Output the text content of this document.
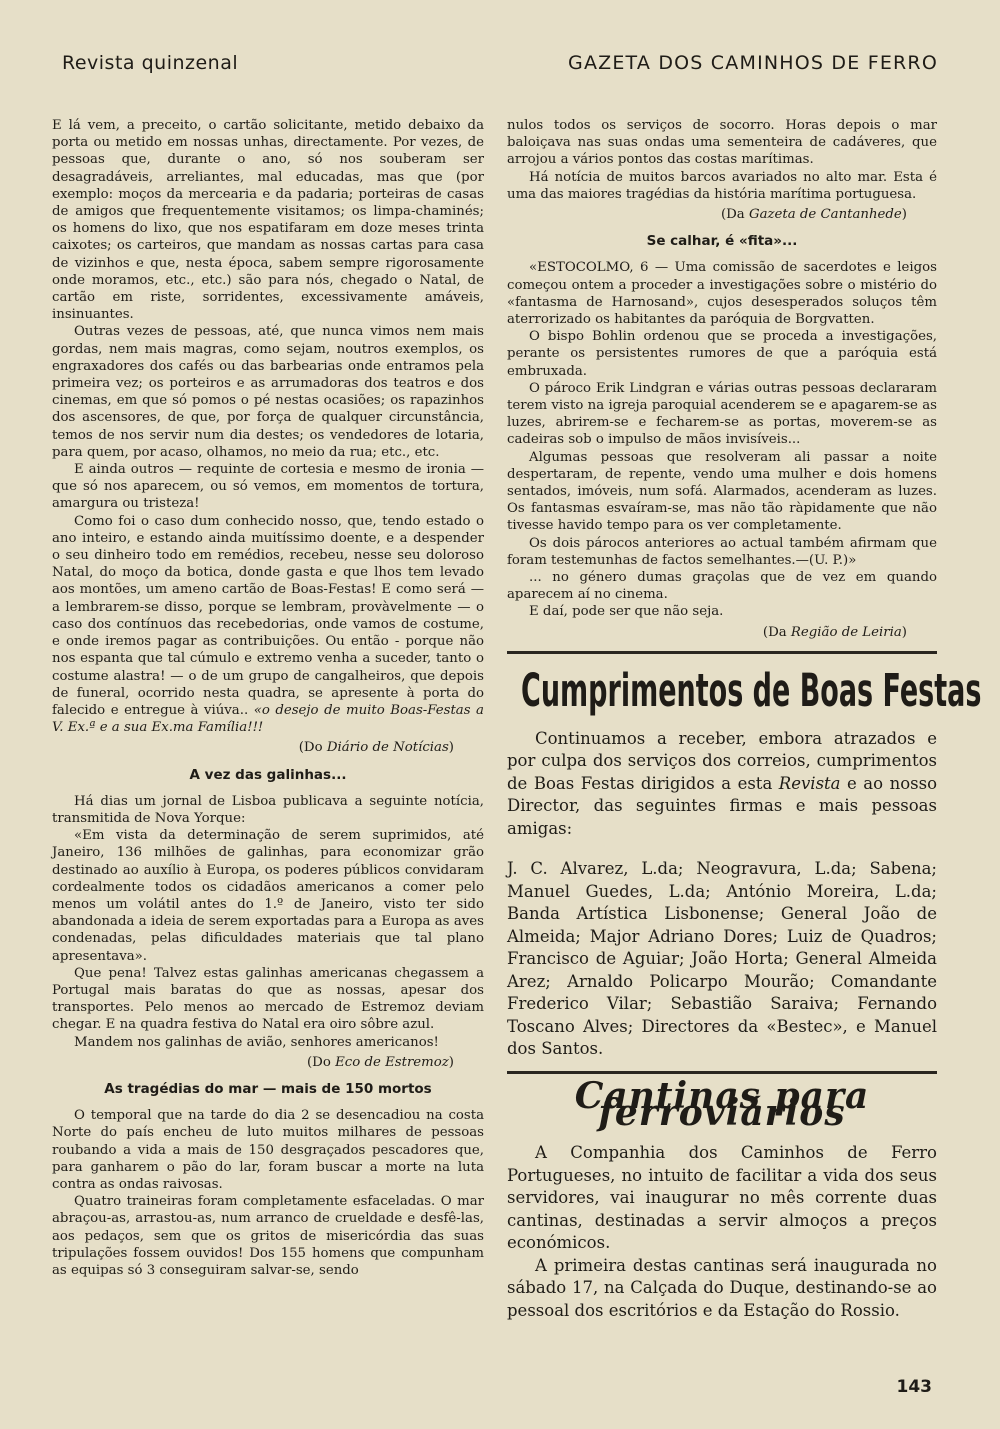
Revista quinzenal	GAZETA DOS CAMINHOS DE FERRO

E lá vem, a preceito, o cartão solicitante, metido debaixo da porta ou metido em nossas unhas, directamente. Por vezes, de pessoas que, durante o ano, só nos souberam ser desagradáveis, arreliantes, mal educadas, mas que (por exemplo: moços da mercearia e da padaria; porteiras de casas de amigos que frequentemente visitamos; os limpa-chaminés; os homens do lixo, que nos espatifaram em doze meses trinta caixotes; os carteiros, que mandam as nossas cartas para casa de vizinhos e que, nesta época, sabem sempre rigorosamente onde moramos, etc., etc.) são para nós, chegado o Natal, de cartão em riste, sorridentes, excessivamente amáveis, insinuantes.

Outras vezes de pessoas, até, que nunca vimos nem mais gordas, nem mais magras, como sejam, noutros exemplos, os engraxadores dos cafés ou das barbearias onde entramos pela primeira vez; os porteiros e as arrumadoras dos teatros e dos cinemas, em que só pomos o pé nestas ocasiões; os rapazinhos dos ascensores, de que, por força de qualquer circunstância, temos de nos servir num dia destes; os vendedores de lotaria, para quem, por acaso, olhamos, no meio da rua; etc., etc.

E ainda outros — requinte de cortesia e mesmo de ironia — que só nos aparecem, ou só vemos, em momentos de tortura, amargura ou tristeza!

Como foi o caso dum conhecido nosso, que, tendo estado o ano inteiro, e estando ainda muitíssimo doente, e a despender o seu dinheiro todo em remédios, recebeu, nesse seu doloroso Natal, do moço da botica, donde gasta e que lhos tem levado aos montões, um ameno cartão de Boas-Festas! E como será — a lembrarem-se disso, porque se lembram, provàvelmente — o caso dos contínuos das recebedorias, onde vamos de costume, e onde iremos pagar as contribuições. Ou então - porque não nos espanta que tal cúmulo e extremo venha a suceder, tanto o costume alastra! — o de um grupo de cangalheiros, que depois de funeral, ocorrido nesta quadra, se apresente à porta do falecido e entregue à viúva.. «o desejo de muito Boas-Festas a V. Ex.ª e a sua Ex.ma Família!!!

(Do Diário de Notícias)

A vez das galinhas...

Há dias um jornal de Lisboa publicava a seguinte notícia, transmitida de Nova Yorque:

«Em vista da determinação de serem suprimidos, até Janeiro, 136 milhões de galinhas, para economizar grão destinado ao auxílio à Europa, os poderes públicos convidaram cordealmente todos os cidadãos americanos a comer pelo menos um volátil antes do 1.º de Janeiro, visto ter sido abandonada a ideia de serem exportadas para a Europa as aves condenadas, pelas dificuldades materiais que tal plano apresentava».

Que pena! Talvez estas galinhas americanas chegassem a Portugal mais baratas do que as nossas, apesar dos transportes. Pelo menos ao mercado de Estremoz deviam chegar. E na quadra festiva do Natal era oiro sôbre azul.

Mandem nos galinhas de avião, senhores americanos!

(Do Eco de Estremoz)

As tragédias do mar — mais de 150 mortos

O temporal que na tarde do dia 2 se desencadiou na costa Norte do país encheu de luto muitos milhares de pessoas roubando a vida a mais de 150 desgraçados pescadores que, para ganharem o pão do lar, foram buscar a morte na luta contra as ondas raivosas.

Quatro traineiras foram completamente esfaceladas. O mar abraçou-as, arrastou-as, num arranco de crueldade e desfê-las, aos pedaços, sem que os gritos de misericórdia das suas tripulações fossem ouvidos! Dos 155 homens que compunham as equipas só 3 conseguiram salvar-se, sendo

nulos todos os serviços de socorro. Horas depois o mar baloiçava nas suas ondas uma sementeira de cadáveres, que arrojou a vários pontos das costas marítimas.

Há notícia de muitos barcos avariados no alto mar. Esta é uma das maiores tragédias da história marítima portuguesa.

(Da Gazeta de Cantanhede)

Se calhar, é «fita»...

«ESTOCOLMO, 6 — Uma comissão de sacerdotes e leigos começou ontem a proceder a investigações sobre o mistério do «fantasma de Harnosand», cujos desesperados soluços têm aterrorizado os habitantes da paróquia de Borgvatten.

O bispo Bohlin ordenou que se proceda a investigações, perante os persistentes rumores de que a paróquia está embruxada.

O pároco Erik Lindgran e várias outras pessoas declararam terem visto na igreja paroquial acenderem se e apagarem-se as luzes, abrirem-se e fecharem-se as portas, moverem-se as cadeiras sob o impulso de mãos invisíveis...

Algumas pessoas que resolveram ali passar a noite despertaram, de repente, vendo uma mulher e dois homens sentados, imóveis, num sofá. Alarmados, acenderam as luzes. Os fantasmas esvaíram-se, mas não tão ràpidamente que não tivesse havido tempo para os ver completamente.

Os dois párocos anteriores ao actual também afirmam que foram testemunhas de factos semelhantes.—(U. P.)»

... no género dumas graçolas que de vez em quando aparecem aí no cinema.

E daí, pode ser que não seja.

(Da Região de Leiria)

Cumprimentos de Boas Festas

Continuamos a receber, embora atrazados e por culpa dos serviços dos correios, cumprimentos de Boas Festas dirigidos a esta Revista e ao nosso Director, das seguintes firmas e mais pessoas amigas:

J. C. Alvarez, L.da; Neogravura, L.da; Sabena; Manuel Guedes, L.da; António Moreira, L.da; Banda Artística Lisbonense; General João de Almeida; Major Adriano Dores; Luiz de Quadros; Francisco de Aguiar; João Horta; General Almeida Arez; Arnaldo Policarpo Mourão; Comandante Frederico Vilar; Sebastião Saraiva; Fernando Toscano Alves; Directores da «Bestec», e Manuel dos Santos.

Cantinas para ferroviários

A Companhia dos Caminhos de Ferro Portugueses, no intuito de facilitar a vida dos seus servidores, vai inaugurar no mês corrente duas cantinas, destinadas a servir almoços a preços económicos.

A primeira destas cantinas será inaugurada no sábado 17, na Calçada do Duque, destinando-se ao pessoal dos escritórios e da Estação do Rossio.

143
